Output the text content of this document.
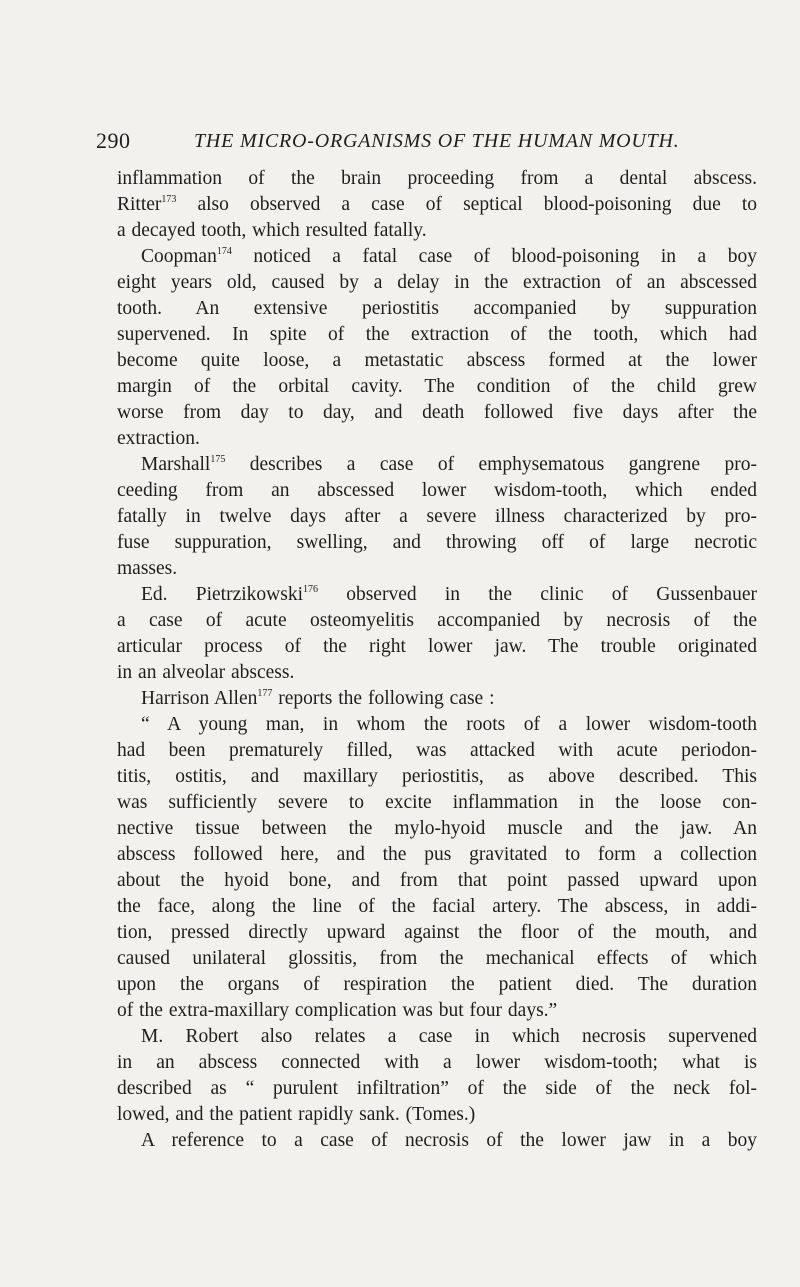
290	THE MICRO-ORGANISMS OF THE HUMAN MOUTH.
inflammation of the brain proceeding from a dental abscess.
Ritter$^{173}$ also observed a case of septical blood-poisoning due to
a decayed tooth, which resulted fatally.
Coopman$^{174}$ noticed a fatal case of blood-poisoning in a boy
eight years old, caused by a delay in the extraction of an abscessed
tooth. An extensive periostitis accompanied by suppuration
supervened. In spite of the extraction of the tooth, which had
become quite loose, a metastatic abscess formed at the lower
margin of the orbital cavity. The condition of the child grew
worse from day to day, and death followed five days after the
extraction.
Marshall$^{175}$ describes a case of emphysematous gangrene pro-
ceeding from an abscessed lower wisdom-tooth, which ended
fatally in twelve days after a severe illness characterized by pro-
fuse suppuration, swelling, and throwing off of large necrotic
masses.
Ed. Pietrzikowski$^{176}$ observed in the clinic of Gussenbauer
a case of acute osteomyelitis accompanied by necrosis of the
articular process of the right lower jaw. The trouble originated
in an alveolar abscess.
Harrison Allen$^{177}$ reports the following case :
“ A young man, in whom the roots of a lower wisdom-tooth
had been prematurely filled, was attacked with acute periodon-
titis, ostitis, and maxillary periostitis, as above described. This
was sufficiently severe to excite inflammation in the loose con-
nective tissue between the mylo-hyoid muscle and the jaw. An
abscess followed here, and the pus gravitated to form a collection
about the hyoid bone, and from that point passed upward upon
the face, along the line of the facial artery. The abscess, in addi-
tion, pressed directly upward against the floor of the mouth, and
caused unilateral glossitis, from the mechanical effects of which
upon the organs of respiration the patient died. The duration
of the extra-maxillary complication was but four days.”
M. Robert also relates a case in which necrosis supervened
in an abscess connected with a lower wisdom-tooth; what is
described as “ purulent infiltration” of the side of the neck fol-
lowed, and the patient rapidly sank. (Tomes.)
A reference to a case of necrosis of the lower jaw in a boy
